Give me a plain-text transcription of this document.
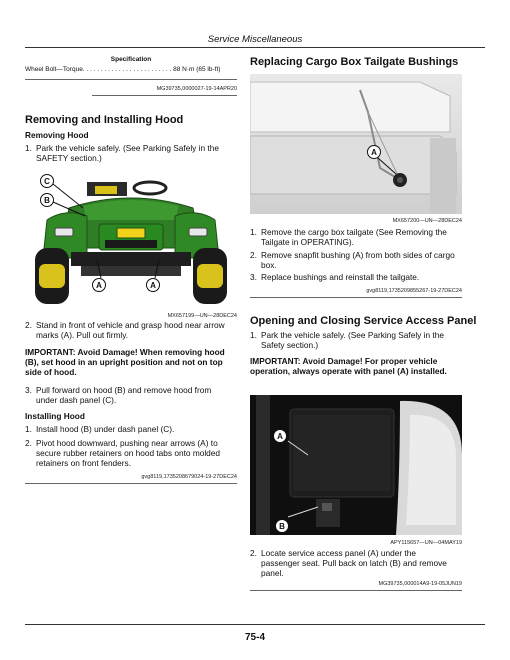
Service Miscellaneous
Specification
Wheel Bolt—Torque. . . . . . . . . . . . . . . . . . . . . . . . . 88 N·m (65 lb-ft)
MG39735,0000027-19-14APR20
Removing and Installing Hood
Removing Hood
1. Park the vehicle safely. (See Parking Safely in the SAFETY section.)
C
B
A	A
MX657199—UN—28DEC24
2. Stand in front of vehicle and grasp hood near arrow marks (A). Pull out firmly.
IMPORTANT: Avoid Damage! When removing hood (B), set hood in an upright position and not on top side of hood.
3. Pull forward on hood (B) and remove hood from under dash panel (C).
Installing Hood
1. Install hood (B) under dash panel (C).
2. Pivot hood downward, pushing near arrows (A) to secure rubber retainers on hood tabs onto molded retainers on front fenders.
gvg8119,1735208679024-19-27DEC24
Replacing Cargo Box Tailgate Bushings
A
MX657200—UN—28DEC24
1. Remove the cargo box tailgate (See Removing the Tailgate in OPERATING).
2. Remove snapfit bushing (A) from both sides of cargo box.
3. Replace bushings and reinstall the tailgate.
gvg8119,1735209855267-19-27DEC24
Opening and Closing Service Access Panel
1. Park the vehicle safely. (See Parking Safely in the Safety section.)
IMPORTANT: Avoid Damage! For proper vehicle operation, always operate with panel (A) installed.
A
B
APY115657—UN—04MAY19
2. Locate service access panel (A) under the passenger seat. Pull back on latch (B) and remove panel.
MG39735,000014A9-19-05JUN19
75-4
